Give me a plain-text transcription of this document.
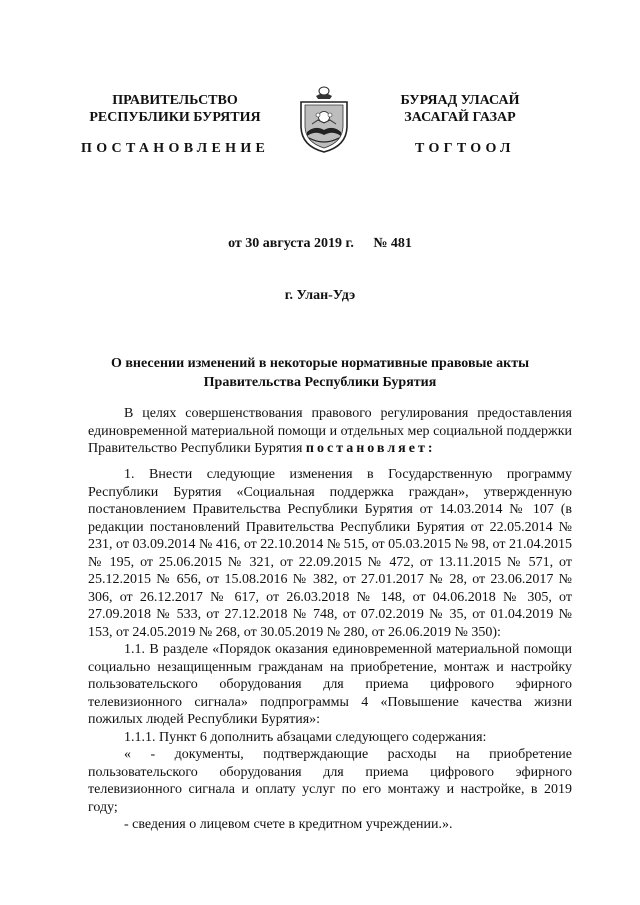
ПРАВИТЕЛЬСТВО
РЕСПУБЛИКИ БУРЯТИЯ
БУРЯАД УЛАСАЙ
ЗАСАГАЙ ГАЗАР
ПОСТАНОВЛЕНИЕ	ТОГТООЛ
от 30 августа 2019 г. № 481
г. Улан-Удэ
О внесении изменений в некоторые нормативные правовые акты Правительства Республики Бурятия

В целях совершенствования правового регулирования предоставления единовременной материальной помощи и отдельных мер социальной поддержки Правительство Республики Бурятия постановляет:

1. Внести следующие изменения в Государственную программу Республики Бурятия «Социальная поддержка граждан», утвержденную постановлением Правительства Республики Бурятия от 14.03.2014 № 107 (в редакции постановлений Правительства Республики Бурятия от 22.05.2014 № 231, от 03.09.2014 № 416, от 22.10.2014 № 515, от 05.03.2015 № 98, от 21.04.2015 № 195, от 25.06.2015 № 321, от 22.09.2015 № 472, от 13.11.2015 № 571, от 25.12.2015 № 656, от 15.08.2016 № 382, от 27.01.2017 № 28, от 23.06.2017 № 306, от 26.12.2017 № 617, от 26.03.2018 № 148, от 04.06.2018 № 305, от 27.09.2018 № 533, от 27.12.2018 № 748, от 07.02.2019 № 35, от 01.04.2019 № 153, от 24.05.2019 № 268, от 30.05.2019 № 280, от 26.06.2019 № 350):

1.1. В разделе «Порядок оказания единовременной материальной помощи социально незащищенным гражданам на приобретение, монтаж и настройку пользовательского оборудования для приема цифрового эфирного телевизионного сигнала» подпрограммы 4 «Повышение качества жизни пожилых людей Республики Бурятия»:

1.1.1. Пункт 6 дополнить абзацами следующего содержания:

« - документы, подтверждающие расходы на приобретение пользовательского оборудования для приема цифрового эфирного телевизионного сигнала и оплату услуг по его монтажу и настройке, в 2019 году;

- сведения о лицевом счете в кредитном учреждении.».
